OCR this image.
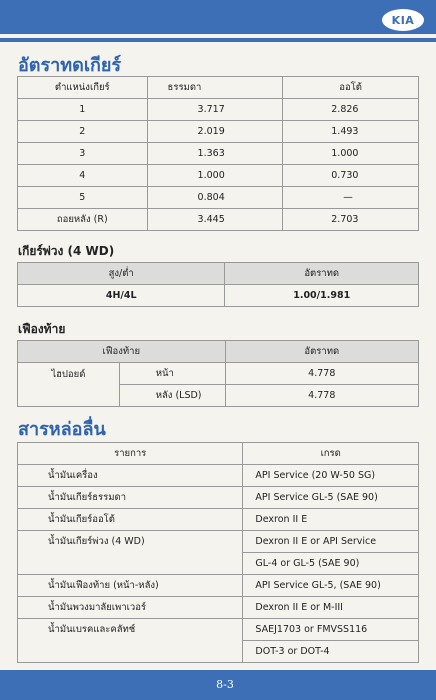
KIA
อัตราทดเกียร์
ตำแหน่งเกียร์	ธรรมดา	ออโต้
1	3.717	2.826
2	2.019	1.493
3	1.363	1.000
4	1.000	0.730
5	0.804	—
ถอยหลัง (R)	3.445	2.703
เกียร์พ่วง (4 WD)
สูง/ต่ำ	อัตราทด
4H/4L	1.00/1.981
เฟืองท้าย
เฟืองท้าย		อัตราทด
ไฮปอยด์	หน้า	4.778
	หลัง (LSD)	4.778
สารหล่อลื่น
รายการ	เกรด
น้ำมันเครื่อง	API Service (20 W-50 SG)
น้ำมันเกียร์ธรรมดา	API Service GL-5 (SAE 90)
น้ำมันเกียร์ออโต้	Dexron II E
น้ำมันเกียร์พ่วง (4 WD)	Dexron II E or API Service
	GL-4 or GL-5 (SAE 90)
น้ำมันเฟืองท้าย (หน้า-หลัง)	API Service GL-5, (SAE 90)
น้ำมันพวงมาลัยเพาเวอร์	Dexron II E or M-III
น้ำมันเบรคและคลัทช์	SAEJ1703 or FMVSS116
	DOT-3 or DOT-4
8-3
